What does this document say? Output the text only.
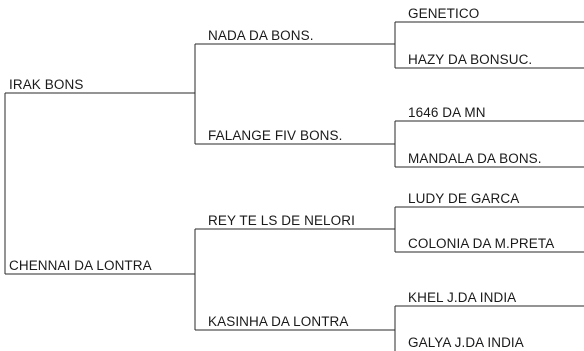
IRAK BONS
CHENNAI DA LONTRA
NADA DA BONS.
FALANGE FIV BONS.
REY TE LS DE NELORI
KASINHA DA LONTRA
GENETICO
HAZY DA BONSUC.
1646 DA MN
MANDALA DA BONS.
LUDY DE GARCA
COLONIA DA M.PRETA
KHEL J.DA INDIA
GALYA J.DA INDIA
